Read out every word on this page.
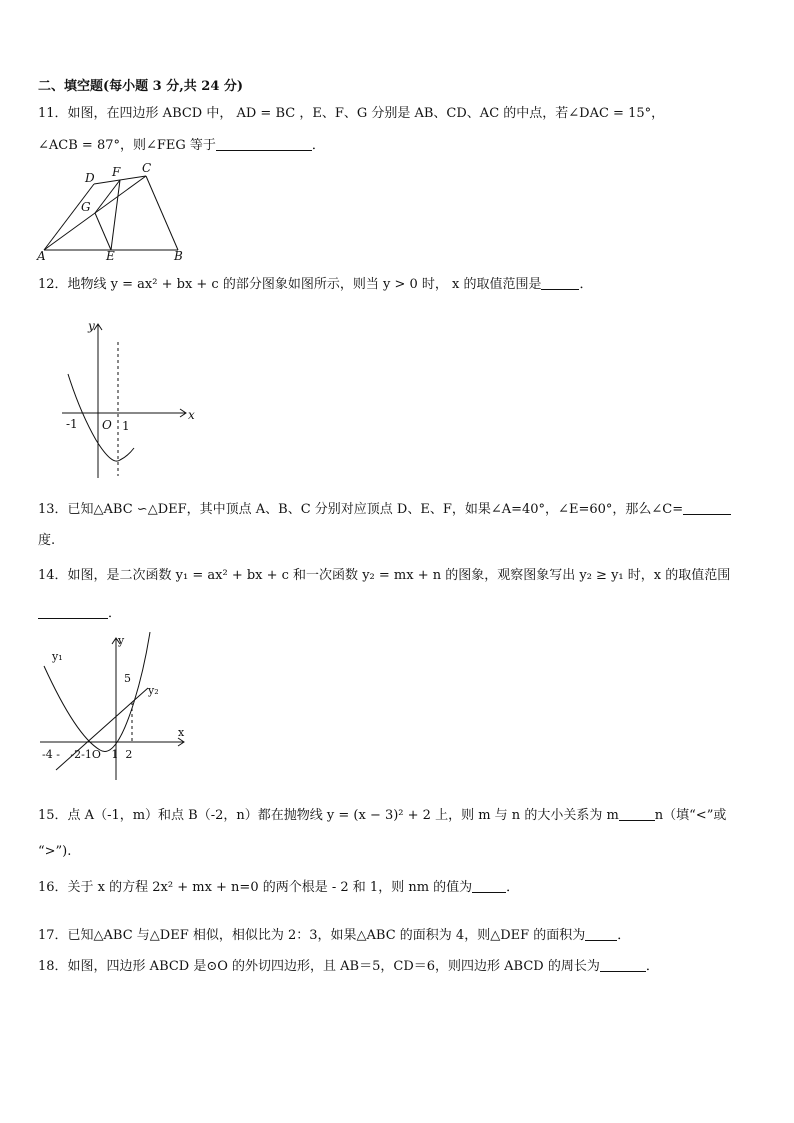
二、填空题(每小题 3 分,共 24 分)
11．如图，在四边形 ABCD 中， AD = BC ，E、F、G 分别是 AB、CD、AC 的中点，若∠DAC = 15°，
∠ACB = 87°，则∠FEG 等于	．
A	B
C
D
E
F
G
12．地物线 y = ax² + bx + c 的部分图象如图所示，则当 y > 0 时， x 的取值范围是	．
y
x
O
-1	1
13．已知△ABC ∽△DEF，其中顶点 A、B、C 分别对应顶点 D、E、F，如果∠A=40°，∠E=60°，那么∠C=
度.
14．如图，是二次函数 y₁ = ax² + bx + c 和一次函数 y₂ = mx + n 的图象，观察图象写出 y₂ ≥ y₁ 时，x 的取值范围
．
y₁
y₂
y
x
5
-4 -   -2-1O   1  2
15．点 A（-1，m）和点 B（-2，n）都在抛物线 y = (x − 3)² + 2 上，则 m 与 n 的大小关系为 m	n（填“<”或
“>”).
16．关于 x 的方程 2x² + mx + n=0 的两个根是 - 2 和 1，则 nm 的值为	．
17．已知△ABC 与△DEF 相似，相似比为 2：3，如果△ABC 的面积为 4，则△DEF 的面积为 ．
18．如图，四边形 ABCD 是⊙O 的外切四边形，且 AB＝5，CD＝6，则四边形 ABCD 的周长为	．
